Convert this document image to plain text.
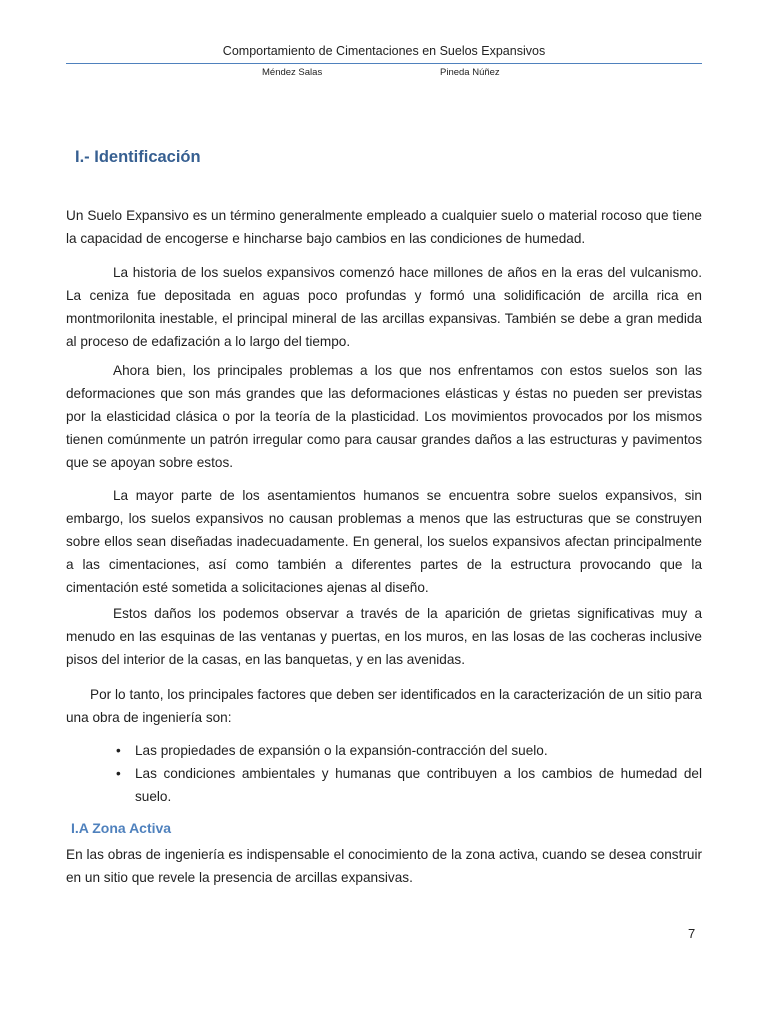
Comportamiento de Cimentaciones en Suelos Expansivos
Méndez Salas	Pineda Núñez
I.- Identificación

Un Suelo Expansivo es un término generalmente empleado a cualquier suelo o material rocoso que tiene la capacidad de encogerse e hincharse bajo cambios en las condiciones de humedad.

La historia de los suelos expansivos comenzó hace millones de años en la eras del vulcanismo. La ceniza fue depositada en aguas poco profundas y formó una solidificación de arcilla rica en montmorilonita inestable, el principal mineral de las arcillas expansivas. También se debe a gran medida al proceso de edafización a lo largo del tiempo.

Ahora bien, los principales problemas a los que nos enfrentamos con estos suelos son las deformaciones que son más grandes que las deformaciones elásticas y éstas no pueden ser previstas por la elasticidad clásica o por la teoría de la plasticidad. Los movimientos provocados por los mismos tienen comúnmente un patrón irregular como para causar grandes daños a las estructuras y pavimentos que se apoyan sobre estos.

La mayor parte de los asentamientos humanos se encuentra sobre suelos expansivos, sin embargo, los suelos expansivos no causan problemas a menos que las estructuras que se construyen sobre ellos sean diseñadas inadecuadamente. En general, los suelos expansivos afectan principalmente a las cimentaciones, así como también a diferentes partes de la estructura provocando que la cimentación esté sometida a solicitaciones ajenas al diseño.

Estos daños los podemos observar a través de la aparición de grietas significativas muy a menudo en las esquinas de las ventanas y puertas, en los muros, en las losas de las cocheras inclusive pisos del interior de la casas, en las banquetas, y en las avenidas.

Por lo tanto, los principales factores que deben ser identificados en la caracterización de un sitio para una obra de ingeniería son:

• Las propiedades de expansión o la expansión-contracción del suelo.
• Las condiciones ambientales y humanas que contribuyen a los cambios de humedad del suelo.
I.A Zona Activa

En las obras de ingeniería es indispensable el conocimiento de la zona activa, cuando se desea construir en un sitio que revele la presencia de arcillas expansivas.

7
